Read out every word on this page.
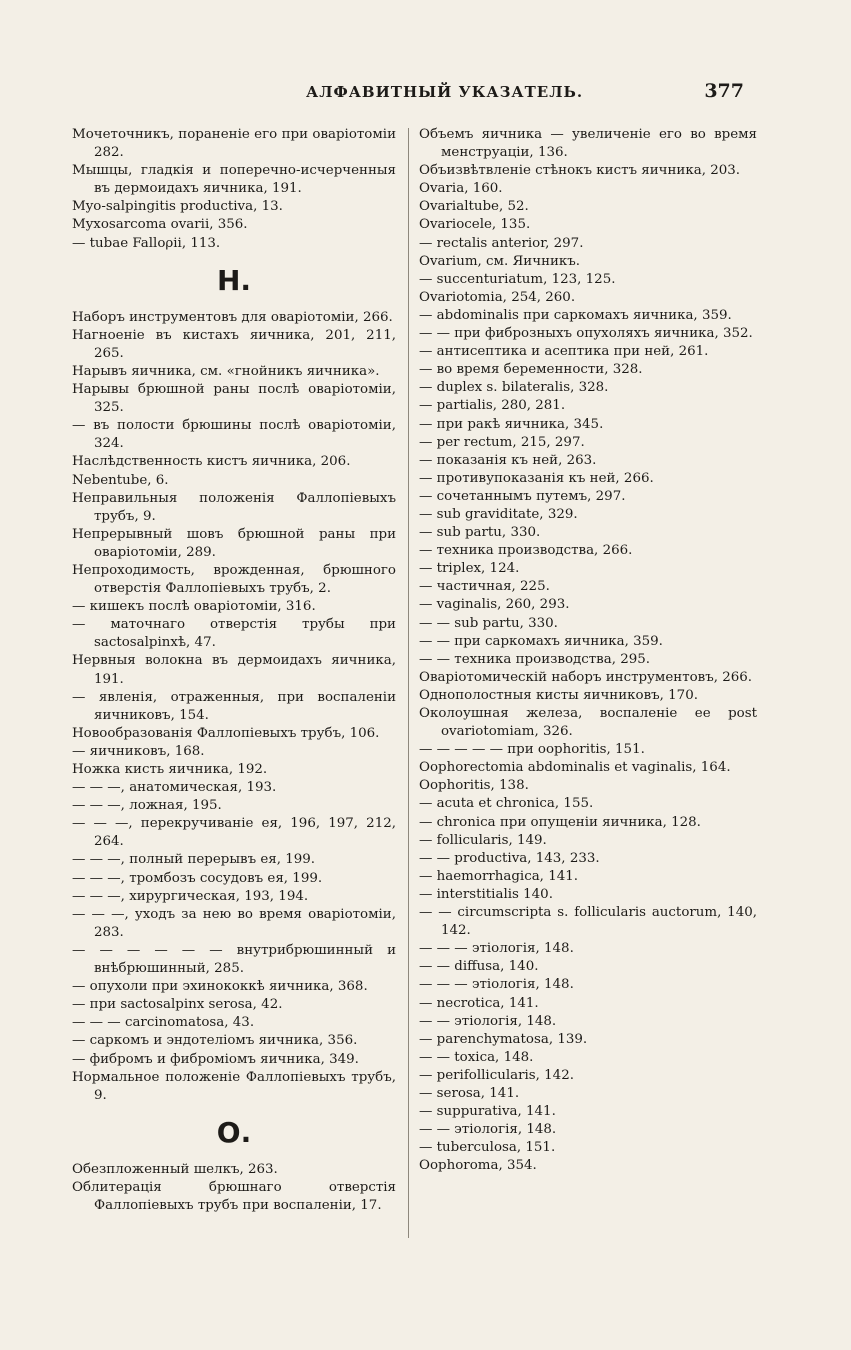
АЛФАВИТНЫЙ УКАЗАТЕЛЬ.	377

Мочеточникъ, пораненіе его при оваріотоміи 282.

Мышцы, гладкія и поперечно-исчерченныя въ дермоидахъ яичника, 191.

Myo-salpingitis productiva, 13.

Myxosarcoma ovarii, 356.

— tubae Falloρii, 113.

Н.

Наборъ инструментовъ для оваріотоміи, 266.

Нагноеніе въ кистахъ яичника, 201, 211, 265.

Нарывъ яичника, см. «гнойникъ яичника».

Нарывы брюшной раны послѣ оваріотоміи, 325.

— въ полости брюшины послѣ оваріотоміи, 324.

Наслѣдственность кистъ яичника, 206.

Nebentube, 6.

Неправильныя положенія Фаллопіевыхъ трубъ, 9.

Непрерывный шовъ брюшной раны при оваріотоміи, 289.

Непроходимость, врожденная, брюшного отверстія Фаллопіевыхъ трубъ, 2.

— кишекъ послѣ оваріотоміи, 316.

— маточнаго отверстія трубы при sactosalpinxѣ, 47.

Нервныя волокна въ дермоидахъ яичника, 191.

— явленія, отраженныя, при воспаленіи яичниковъ, 154.

Новообразованія Фаллопіевыхъ трубъ, 106.

— яичниковъ, 168.

Ножка кисть яичника, 192.

— — —, анатомическая, 193.

— — —, ложная, 195.

— — —, перекручиваніе ея, 196, 197, 212, 264.

— — —, полный перерывъ ея, 199.

— — —, тромбозъ сосудовъ ея, 199.

— — —, хирургическая, 193, 194.

— — —, уходъ за нею во время оваріотоміи, 283.

— — — — — — внутрибрюшинный и внѣбрюшинный, 285.

— опухоли при эхинококкѣ яичника, 368.

— при sactosalpinx serosa, 42.

— — — carcinomatosa, 43.

— саркомъ и эндотеліомъ яичника, 356.

— фибромъ и фиброміомъ яичника, 349.

Нормальное положеніе Фаллопіевыхъ трубъ, 9.

О.

Обезпложенный шелкъ, 263.

Облитерація брюшнаго отверстія Фаллопіевыхъ трубъ при воспаленіи, 17.

Объемъ яичника — увеличеніе его во время менструаціи, 136.

Объизвѣтвленіе стѣнокъ кистъ яичника, 203.

Ovaria, 160.

Ovarialtube, 52.

Ovariocele, 135.

— rectalis anterior, 297.

Ovarium, см. Яичникъ.

— succenturiatum, 123, 125.

Ovariotomia, 254, 260.

— abdominalis при саркомахъ яичника, 359.

— — при фиброзныхъ опухоляхъ яичника, 352.

— антисептика и асептика при ней, 261.

— во время беременности, 328.

— duplex s. bilateralis, 328.

— partialis, 280, 281.

— при ракѣ яичника, 345.

— per rectum, 215, 297.

— показанія къ ней, 263.

— противупоказанія къ ней, 266.

— сочетаннымъ путемъ, 297.

— sub graviditate, 329.

— sub partu, 330.

— техника производства, 266.

— triplex, 124.

— частичная, 225.

— vaginalis, 260, 293.

— — sub partu, 330.

— — при саркомахъ яичника, 359.

— — техника производства, 295.

Оваріотомическій наборъ инструментовъ, 266.

Однополостныя кисты яичниковъ, 170.

Околоушная железа, воспаленіе ее post ovariotomiam, 326.

— — — — — при oophoritis, 151.

Oophorectomia abdominalis et vaginalis, 164.

Oophoritis, 138.

— acuta et chronica, 155.

— chronica при опущеніи яичника, 128.

— follicularis, 149.

— — productiva, 143, 233.

— haemorrhagica, 141.

— interstitialis 140.

— — circumscripta s. follicularis auctorum, 140, 142.

— — — этіологія, 148.

— — diffusa, 140.

— — — этіологія, 148.

— necrotica, 141.

— — этіологія, 148.

— parenchymatosa, 139.

— — toxica, 148.

— perifollicularis, 142.

— serosa, 141.

— suppurativa, 141.

— — этіологія, 148.

— tuberculosa, 151.

Oophoroma, 354.
